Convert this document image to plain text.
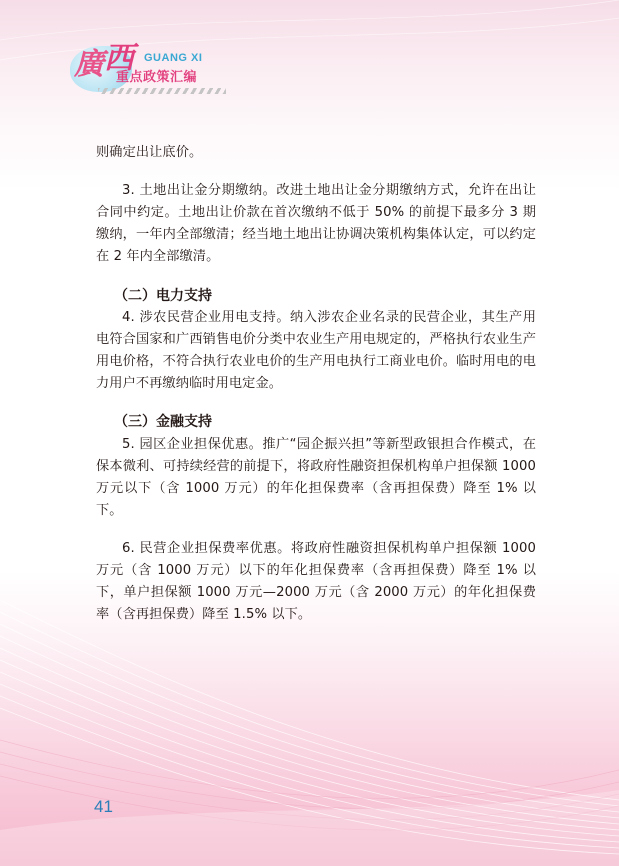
廣 西 GUANG XI
重点政策汇编
则确定出让底价。
3. 土地出让金分期缴纳。改进土地出让金分期缴纳方式，允许在出让合同中约定。土地出让价款在首次缴纳不低于 50% 的前提下最多分 3 期缴纳，一年内全部缴清；经当地土地出让协调决策机构集体认定，可以约定在 2 年内全部缴清。
（二）电力支持
4. 涉农民营企业用电支持。纳入涉农企业名录的民营企业，其生产用电符合国家和广西销售电价分类中农业生产用电规定的，严格执行农业生产用电价格，不符合执行农业电价的生产用电执行工商业电价。临时用电的电力用户不再缴纳临时用电定金。
（三）金融支持
5. 园区企业担保优惠。推广“园企振兴担”等新型政银担合作模式，在保本微利、可持续经营的前提下，将政府性融资担保机构单户担保额 1000 万元以下（含 1000 万元）的年化担保费率（含再担保费）降至 1% 以下。
6. 民营企业担保费率优惠。将政府性融资担保机构单户担保额 1000 万元（含 1000 万元）以下的年化担保费率（含再担保费）降至 1% 以下，单户担保额 1000 万元—2000 万元（含 2000 万元）的年化担保费率（含再担保费）降至 1.5% 以下。
41
